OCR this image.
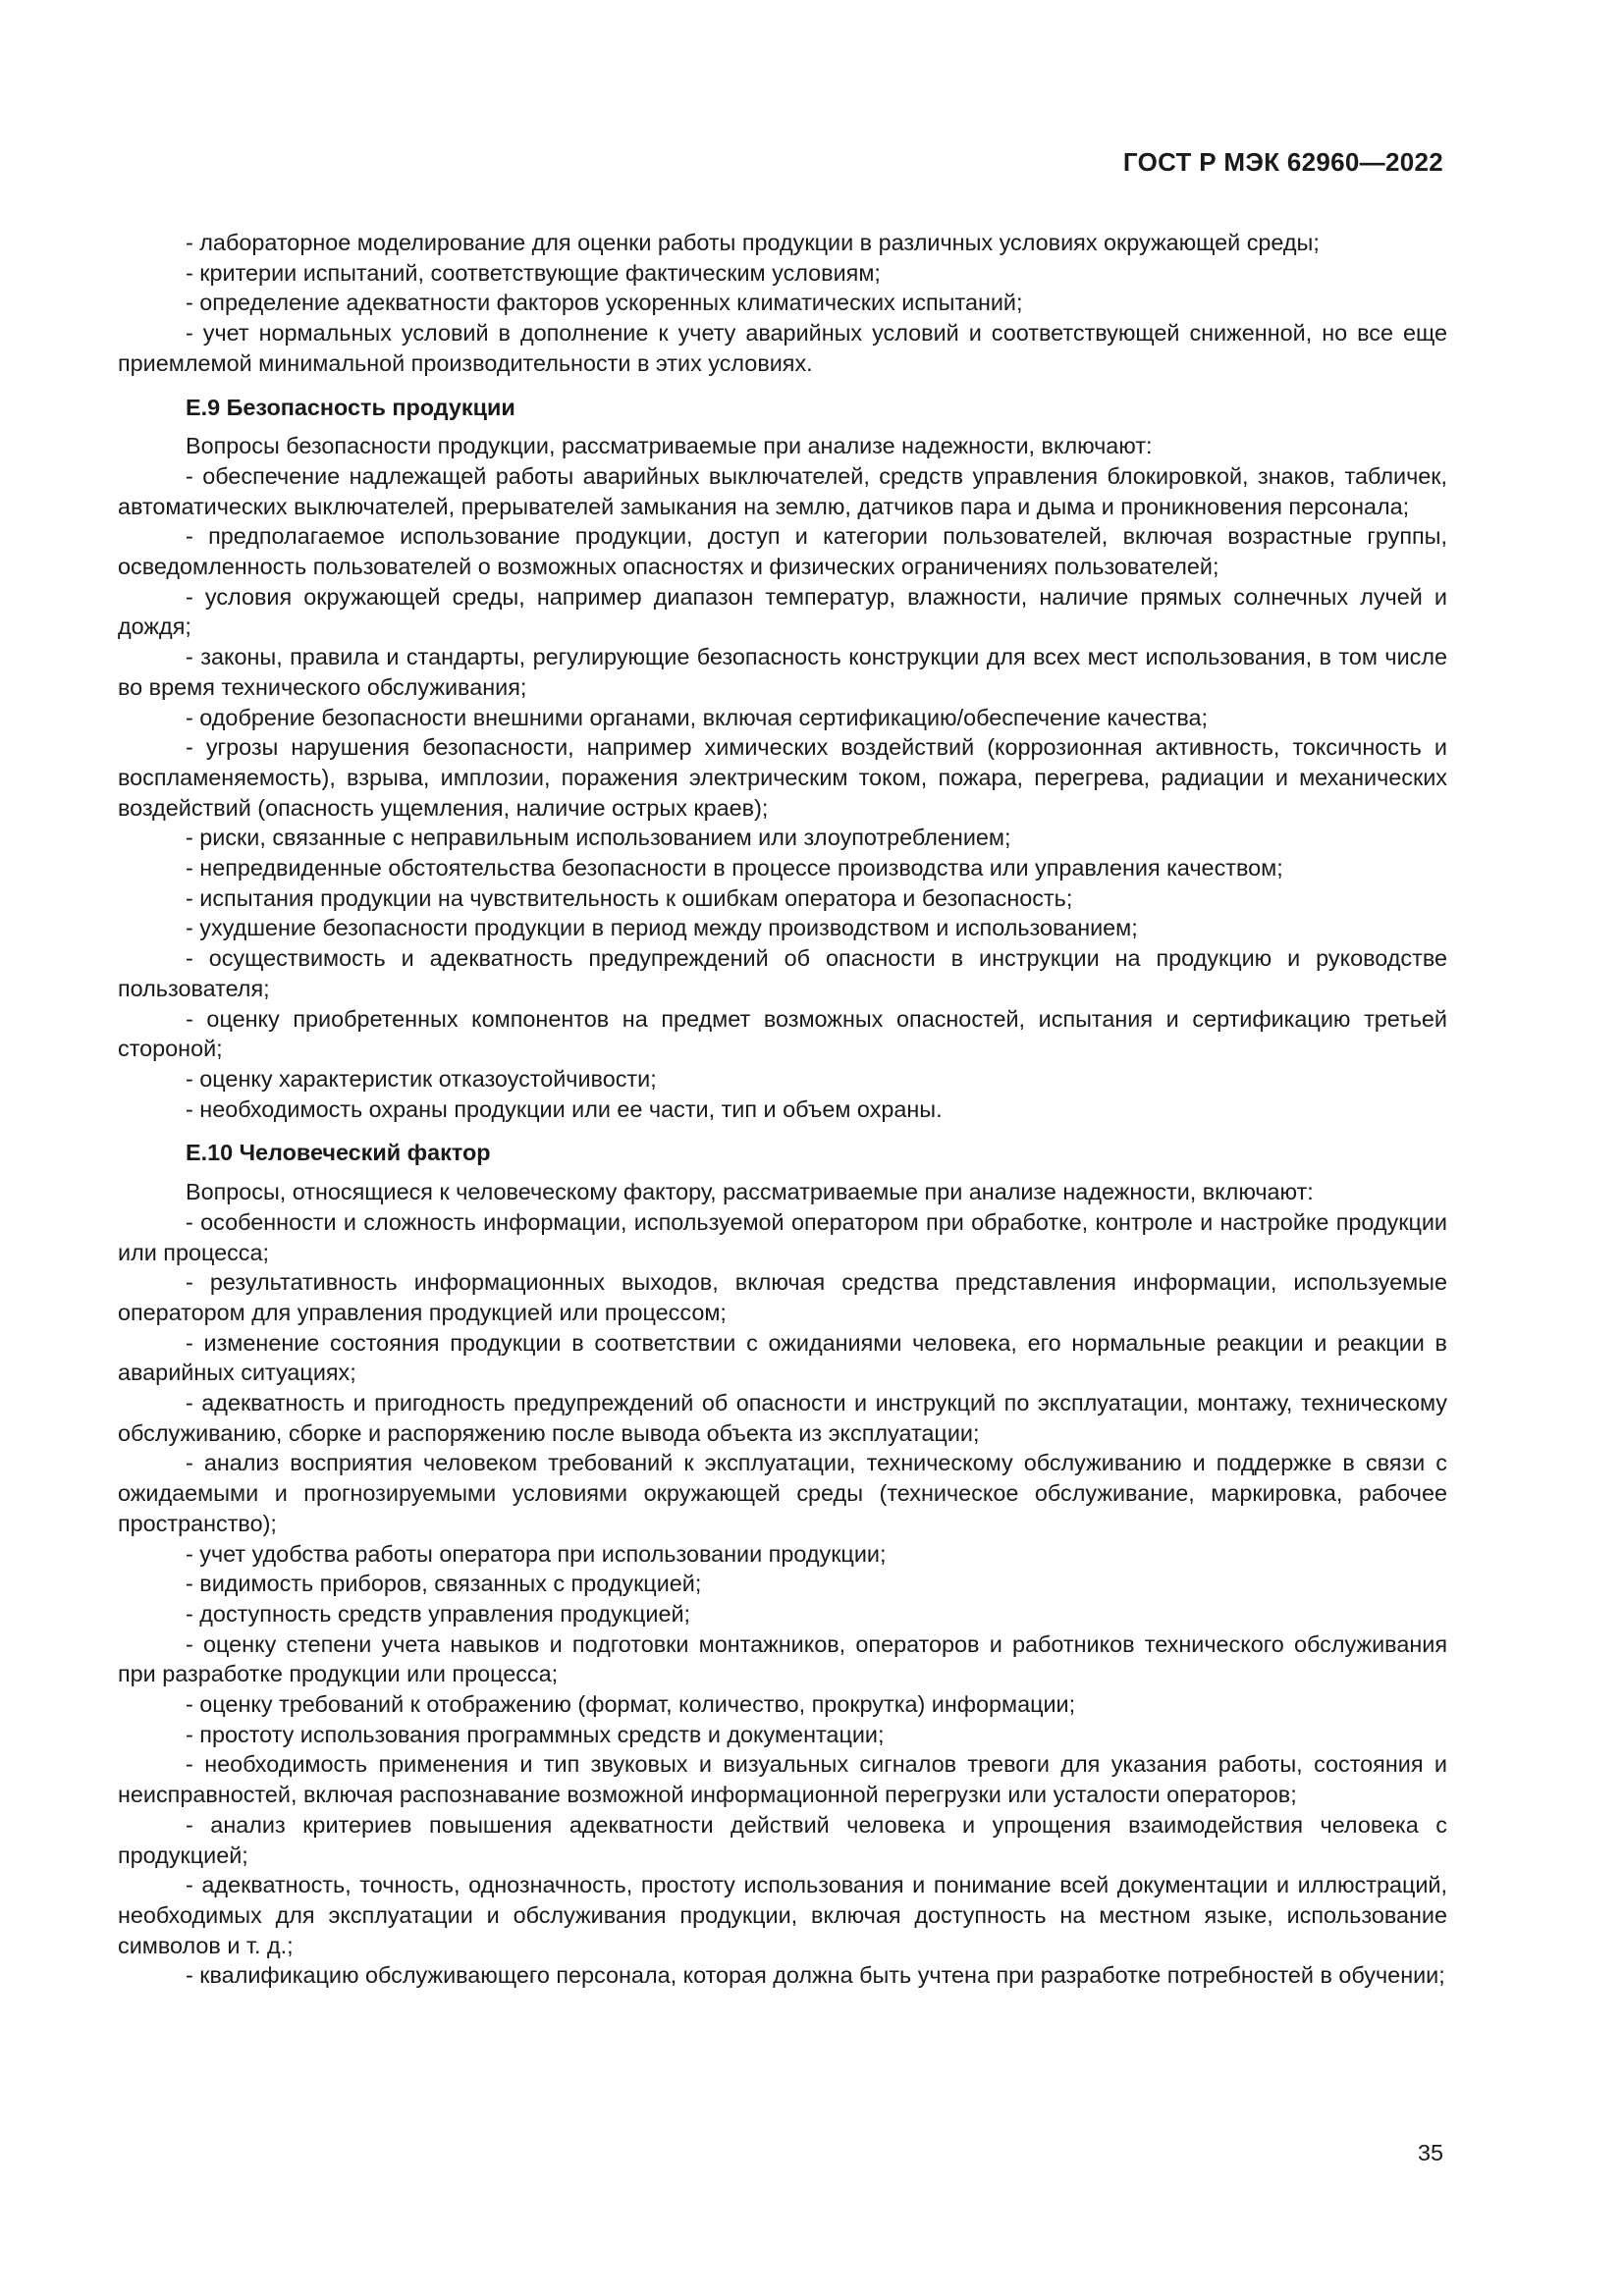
ГОСТ Р МЭК 62960—2022

- лабораторное моделирование для оценки работы продукции в различных условиях окружающей среды;

- критерии испытаний, соответствующие фактическим условиям;

- определение адекватности факторов ускоренных климатических испытаний;

- учет нормальных условий в дополнение к учету аварийных условий и соответствующей сниженной, но все еще приемлемой минимальной производительности в этих условиях.

Е.9 Безопасность продукции

Вопросы безопасности продукции, рассматриваемые при анализе надежности, включают:

- обеспечение надлежащей работы аварийных выключателей, средств управления блокировкой, знаков, табличек, автоматических выключателей, прерывателей замыкания на землю, датчиков пара и дыма и проникновения персонала;

- предполагаемое использование продукции, доступ и категории пользователей, включая возрастные группы, осведомленность пользователей о возможных опасностях и физических ограничениях пользователей;

- условия окружающей среды, например диапазон температур, влажности, наличие прямых солнечных лучей и дождя;

- законы, правила и стандарты, регулирующие безопасность конструкции для всех мест использования, в том числе во время технического обслуживания;

- одобрение безопасности внешними органами, включая сертификацию/обеспечение качества;

- угрозы нарушения безопасности, например химических воздействий (коррозионная активность, токсичность и воспламеняемость), взрыва, имплозии, поражения электрическим током, пожара, перегрева, радиации и механических воздействий (опасность ущемления, наличие острых краев);

- риски, связанные с неправильным использованием или злоупотреблением;

- непредвиденные обстоятельства безопасности в процессе производства или управления качеством;

- испытания продукции на чувствительность к ошибкам оператора и безопасность;

- ухудшение безопасности продукции в период между производством и использованием;

- осуществимость и адекватность предупреждений об опасности в инструкции на продукцию и руководстве пользователя;

- оценку приобретенных компонентов на предмет возможных опасностей, испытания и сертификацию третьей стороной;

- оценку характеристик отказоустойчивости;

- необходимость охраны продукции или ее части, тип и объем охраны.

Е.10 Человеческий фактор

Вопросы, относящиеся к человеческому фактору, рассматриваемые при анализе надежности, включают:

- особенности и сложность информации, используемой оператором при обработке, контроле и настройке продукции или процесса;

- результативность информационных выходов, включая средства представления информации, используемые оператором для управления продукцией или процессом;

- изменение состояния продукции в соответствии с ожиданиями человека, его нормальные реакции и реакции в аварийных ситуациях;

- адекватность и пригодность предупреждений об опасности и инструкций по эксплуатации, монтажу, техническому обслуживанию, сборке и распоряжению после вывода объекта из эксплуатации;

- анализ восприятия человеком требований к эксплуатации, техническому обслуживанию и поддержке в связи с ожидаемыми и прогнозируемыми условиями окружающей среды (техническое обслуживание, маркировка, рабочее пространство);

- учет удобства работы оператора при использовании продукции;

- видимость приборов, связанных с продукцией;

- доступность средств управления продукцией;

- оценку степени учета навыков и подготовки монтажников, операторов и работников технического обслуживания при разработке продукции или процесса;

- оценку требований к отображению (формат, количество, прокрутка) информации;

- простоту использования программных средств и документации;

- необходимость применения и тип звуковых и визуальных сигналов тревоги для указания работы, состояния и неисправностей, включая распознавание возможной информационной перегрузки или усталости операторов;

- анализ критериев повышения адекватности действий человека и упрощения взаимодействия человека с продукцией;

- адекватность, точность, однозначность, простоту использования и понимание всей документации и иллюстраций, необходимых для эксплуатации и обслуживания продукции, включая доступность на местном языке, использование символов и т. д.;

- квалификацию обслуживающего персонала, которая должна быть учтена при разработке потребностей в обучении;

35
